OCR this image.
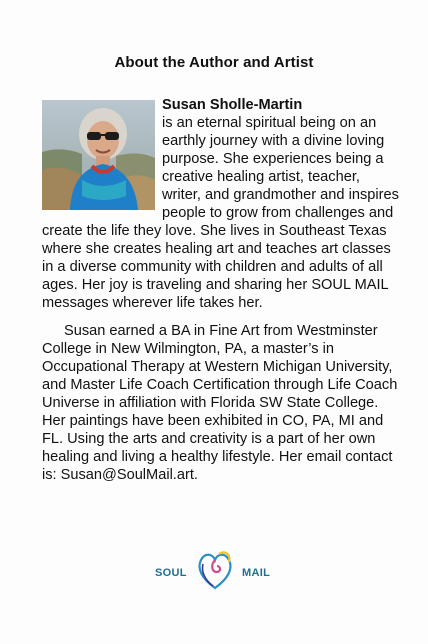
About the Author and Artist
Susan Sholle-Martin
is an eternal spiritual being on an earthly journey with a divine loving purpose. She experiences being a creative healing artist, teacher, writer, and grandmother and inspires people to grow from challenges and create the life they love. She lives in Southeast Texas where she creates healing art and teaches art classes in a diverse community with children and adults of all ages. Her joy is traveling and sharing her SOUL MAIL messages wherever life takes her.
Susan earned a BA in Fine Art from Westminster College in New Wilmington, PA, a master’s in Occupational Therapy at Western Michigan University, and Master Life Coach Certification through Life Coach Universe in affiliation with Florida SW State College. Her paintings have been exhibited in CO, PA, MI and FL. Using the arts and creativity is a part of her own healing and living a healthy lifestyle. Her email contact is: Susan@SoulMail.art.
SOUL	MAIL
